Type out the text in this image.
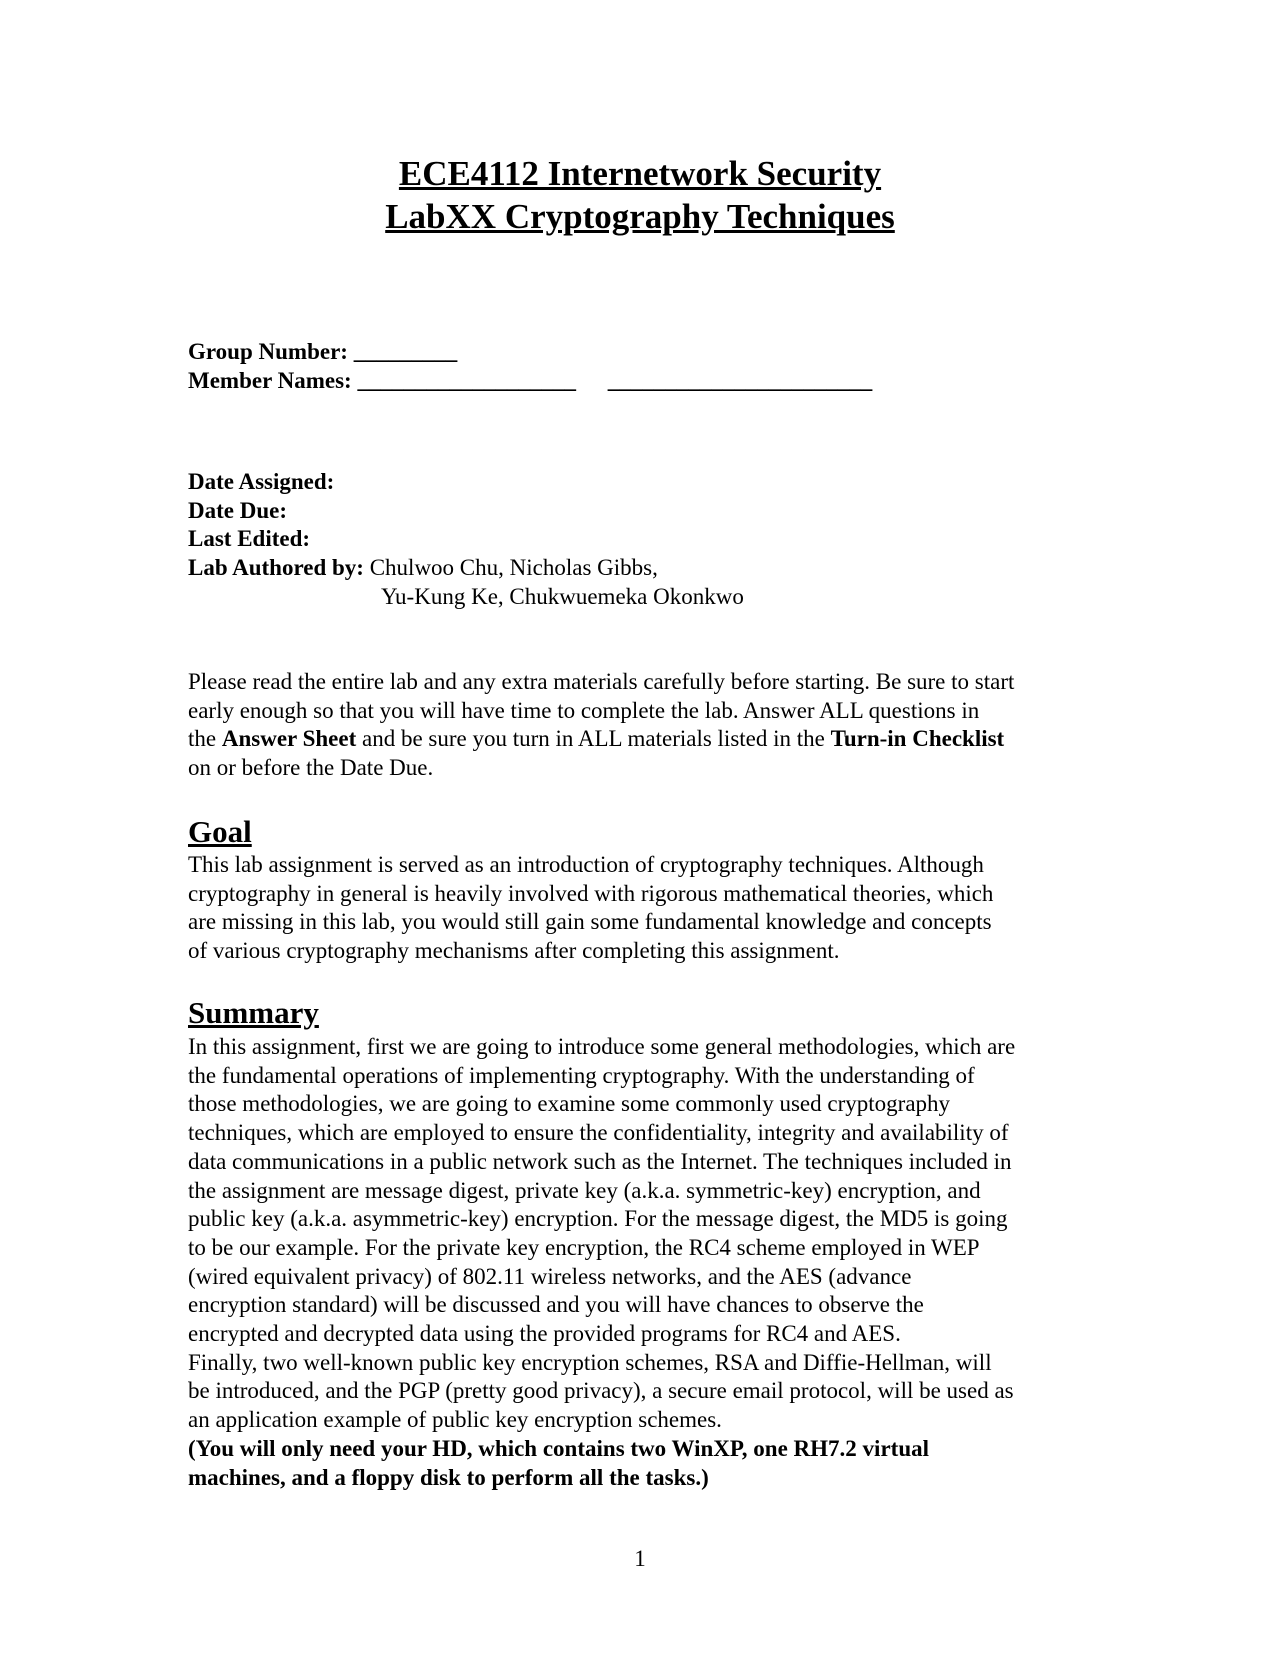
ECE4112 Internetwork Security
LabXX Cryptography Techniques
Group Number: _________
Member Names: ___________________ _______________________
Date Assigned:
Date Due:
Last Edited:
Lab Authored by: Chulwoo Chu, Nicholas Gibbs,
Yu-Kung Ke, Chukwuemeka Okonkwo
Please read the entire lab and any extra materials carefully before starting. Be sure to start
early enough so that you will have time to complete the lab. Answer ALL questions in
the Answer Sheet and be sure you turn in ALL materials listed in the Turn-in Checklist
on or before the Date Due.
Goal
This lab assignment is served as an introduction of cryptography techniques. Although
cryptography in general is heavily involved with rigorous mathematical theories, which
are missing in this lab, you would still gain some fundamental knowledge and concepts
of various cryptography mechanisms after completing this assignment.
Summary
In this assignment, first we are going to introduce some general methodologies, which are
the fundamental operations of implementing cryptography. With the understanding of
those methodologies, we are going to examine some commonly used cryptography
techniques, which are employed to ensure the confidentiality, integrity and availability of
data communications in a public network such as the Internet. The techniques included in
the assignment are message digest, private key (a.k.a. symmetric-key) encryption, and
public key (a.k.a. asymmetric-key) encryption. For the message digest, the MD5 is going
to be our example. For the private key encryption, the RC4 scheme employed in WEP
(wired equivalent privacy) of 802.11 wireless networks, and the AES (advance
encryption standard) will be discussed and you will have chances to observe the
encrypted and decrypted data using the provided programs for RC4 and AES.
Finally, two well-known public key encryption schemes, RSA and Diffie-Hellman, will
be introduced, and the PGP (pretty good privacy), a secure email protocol, will be used as
an application example of public key encryption schemes.
(You will only need your HD, which contains two WinXP, one RH7.2 virtual
machines, and a floppy disk to perform all the tasks.)
1
